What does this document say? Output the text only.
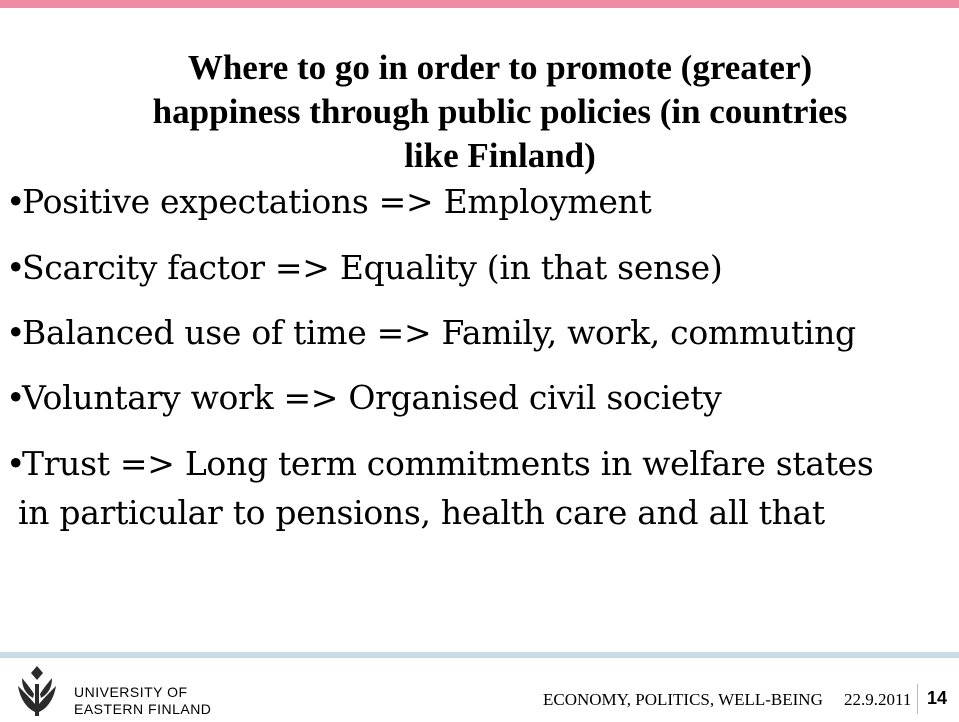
Where to go in order to promote (greater)
happiness through public policies (in countries
like Finland)
•Positive expectations => Employment
•Scarcity factor => Equality (in that sense)
•Balanced use of time => Family, work, commuting
•Voluntary work => Organised civil society
•Trust => Long term commitments in welfare states
in particular to pensions, health care and all that
UNIVERSITY OF
EASTERN FINLAND	ECONOMY, POLITICS, WELL-BEING 22.9.2011 14
